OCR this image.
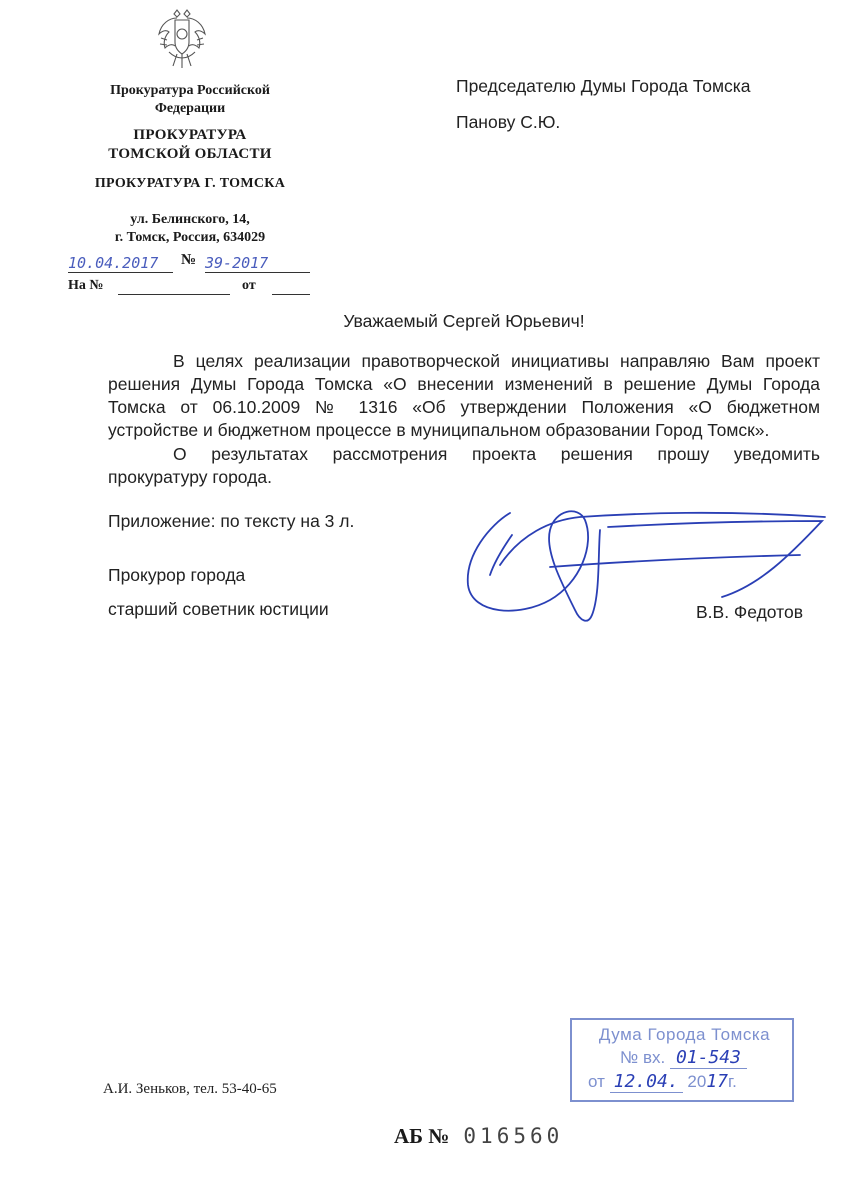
Прокуратура Российской
Федерации
ПРОКУРАТУРА
ТОМСКОЙ ОБЛАСТИ
ПРОКУРАТУРА Г. ТОМСКА
ул. Белинского, 14,
г. Томск, Россия, 634029
10.04.2017	№ 39-2017
На №	от
Председателю Думы Города Томска
Панову С.Ю.
Уважаемый Сергей Юрьевич!
В целях реализации правотворческой инициативы направляю Вам проект
решения Думы Города Томска «О внесении изменений в решение Думы Города
Томска от 06.10.2009 № 1316 «Об утверждении Положения «О бюджетном
устройстве и бюджетном процессе в муниципальном образовании Город Томск».
О результатах рассмотрения проекта решения прошу уведомить
прокуратуру города.
Приложение: по тексту на 3 л.
Прокурор города
старший советник юстиции	В.В. Федотов
Дума Города Томска
№ вх. 01-543
от 12.04. 2017г.
А.И. Зеньков, тел. 53-40-65
АБ № 016560
